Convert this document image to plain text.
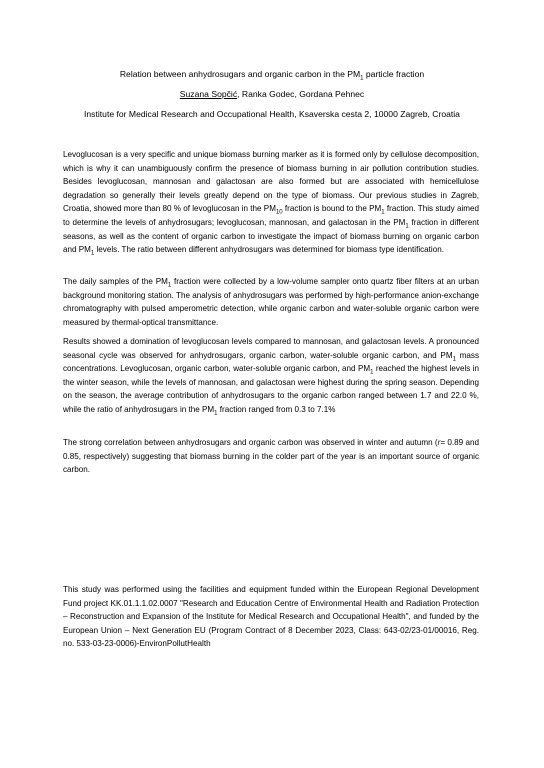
Relation between anhydrosugars and organic carbon in the $PM_1$ particle fraction
Suzana Sopčić, Ranka Godec, Gordana Pehnec
Institute for Medical Research and Occupational Health, Ksaverska cesta 2, 10000 Zagreb, Croatia

Levoglucosan is a very specific and unique biomass burning marker as it is formed only by cellulose decomposition, which is why it can unambiguously confirm the presence of biomass burning in air pollution contribution studies. Besides levoglucosan, mannosan and galactosan are also formed but are associated with hemicellulose degradation so generally their levels greatly depend on the type of biomass. Our previous studies in Zagreb, Croatia, showed more than 80 % of levoglucosan in the $PM_{10}$ fraction is bound to the $PM_1$ fraction. This study aimed to determine the levels of anhydrosugars; levoglucosan, mannosan, and galactosan in the $PM_1$ fraction in different seasons, as well as the content of organic carbon to investigate the impact of biomass burning on organic carbon and $PM_1$ levels. The ratio between different anhydrosugars was determined for biomass type identification.

The daily samples of the $PM_1$ fraction were collected by a low-volume sampler onto quartz fiber filters at an urban background monitoring station. The analysis of anhydrosugars was performed by high-performance anion-exchange chromatography with pulsed amperometric detection, while organic carbon and water-soluble organic carbon were measured by thermal-optical transmittance.

Results showed a domination of levoglucosan levels compared to mannosan, and galactosan levels. A pronounced seasonal cycle was observed for anhydrosugars, organic carbon, water-soluble organic carbon, and $PM_1$ mass concentrations. Levoglucosan, organic carbon, water-soluble organic carbon, and $PM_1$ reached the highest levels in the winter season, while the levels of mannosan, and galactosan were highest during the spring season. Depending on the season, the average contribution of anhydrosugars to the organic carbon ranged between 1.7 and 22.0 %, while the ratio of anhydrosugars in the $PM_1$ fraction ranged from 0.3 to 7.1%

The strong correlation between anhydrosugars and organic carbon was observed in winter and autumn (r= 0.89 and 0.85, respectively) suggesting that biomass burning in the colder part of the year is an important source of organic carbon.

This study was performed using the facilities and equipment funded within the European Regional Development Fund project KK.01.1.1.02.0007 "Research and Education Centre of Environmental Health and Radiation Protection – Reconstruction and Expansion of the Institute for Medical Research and Occupational Health", and funded by the European Union – Next Generation EU (Program Contract of 8 December 2023, Class: 643-02/23-01/00016, Reg. no. 533-03-23-0006)-EnvironPollutHealth
